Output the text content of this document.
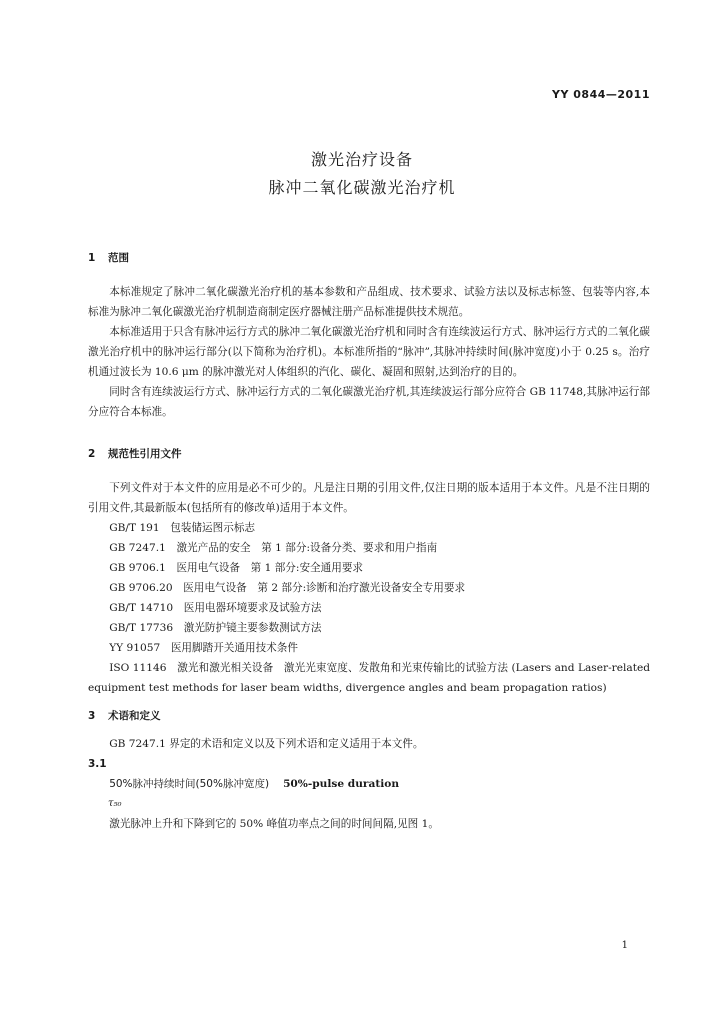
YY 0844—2011
激光治疗设备
脉冲二氧化碳激光治疗机
1 范围

本标准规定了脉冲二氧化碳激光治疗机的基本参数和产品组成、技术要求、试验方法以及标志标签、包装等内容,本标准为脉冲二氧化碳激光治疗机制造商制定医疗器械注册产品标准提供技术规范。

本标准适用于只含有脉冲运行方式的脉冲二氧化碳激光治疗机和同时含有连续波运行方式、脉冲运行方式的二氧化碳激光治疗机中的脉冲运行部分(以下简称为治疗机)。本标准所指的“脉冲”,其脉冲持续时间(脉冲宽度)小于 0.25 s。治疗机通过波长为 10.6 μm 的脉冲激光对人体组织的汽化、碳化、凝固和照射,达到治疗的目的。

同时含有连续波运行方式、脉冲运行方式的二氧化碳激光治疗机,其连续波运行部分应符合 GB 11748,其脉冲运行部分应符合本标准。

2 规范性引用文件

下列文件对于本文件的应用是必不可少的。凡是注日期的引用文件,仅注日期的版本适用于本文件。凡是不注日期的引用文件,其最新版本(包括所有的修改单)适用于本文件。

GB/T 191　包装储运图示标志

GB 7247.1　激光产品的安全　第 1 部分:设备分类、要求和用户指南

GB 9706.1　医用电气设备　第 1 部分:安全通用要求

GB 9706.20　医用电气设备　第 2 部分:诊断和治疗激光设备安全专用要求

GB/T 14710　医用电器环境要求及试验方法

GB/T 17736　激光防护镜主要参数测试方法

YY 91057　医用脚踏开关通用技术条件

ISO 11146　激光和激光相关设备　激光光束宽度、发散角和光束传输比的试验方法 (Lasers and Laser-related equipment test methods for laser beam widths, divergence angles and beam propagation ratios)

3 术语和定义

GB 7247.1 界定的术语和定义以及下列术语和定义适用于本文件。

3.1

50%脉冲持续时间(50%脉冲宽度) 50%-pulse duration

τ₅₀

激光脉冲上升和下降到它的 50% 峰值功率点之间的时间间隔,见图 1。

1
